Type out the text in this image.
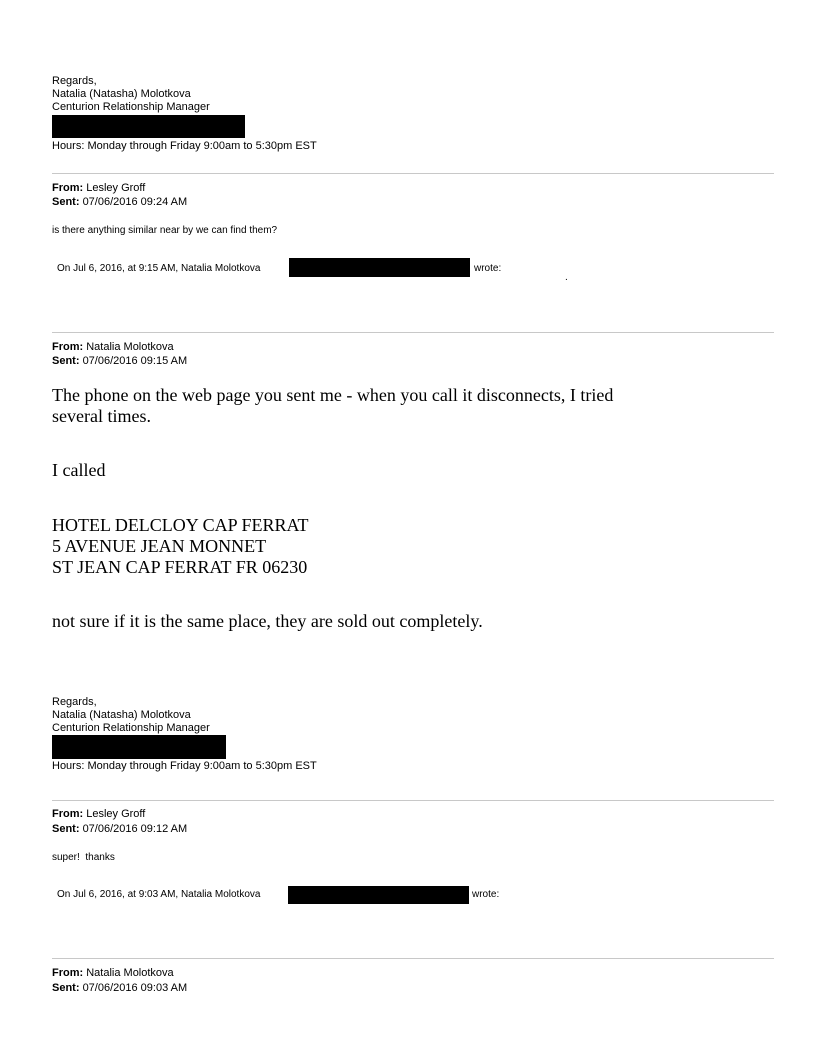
Regards,
Natalia (Natasha) Molotkova
Centurion Relationship Manager
Hours: Monday through Friday 9:00am to 5:30pm EST
From: Lesley Groff
Sent: 07/06/2016 09:24 AM
is there anything similar near by we can find them?
On Jul 6, 2016, at 9:15 AM, Natalia Molotkova	wrote:
.
From: Natalia Molotkova
Sent: 07/06/2016 09:15 AM
The phone on the web page you sent me - when you call it disconnects, I tried
several times.
I called
HOTEL DELCLOY CAP FERRAT
5 AVENUE JEAN MONNET
ST JEAN CAP FERRAT FR 06230
not sure if it is the same place, they are sold out completely.
Regards,
Natalia (Natasha) Molotkova
Centurion Relationship Manager
Hours: Monday through Friday 9:00am to 5:30pm EST
From: Lesley Groff
Sent: 07/06/2016 09:12 AM
super!  thanks
On Jul 6, 2016, at 9:03 AM, Natalia Molotkova	wrote:
From: Natalia Molotkova
Sent: 07/06/2016 09:03 AM
